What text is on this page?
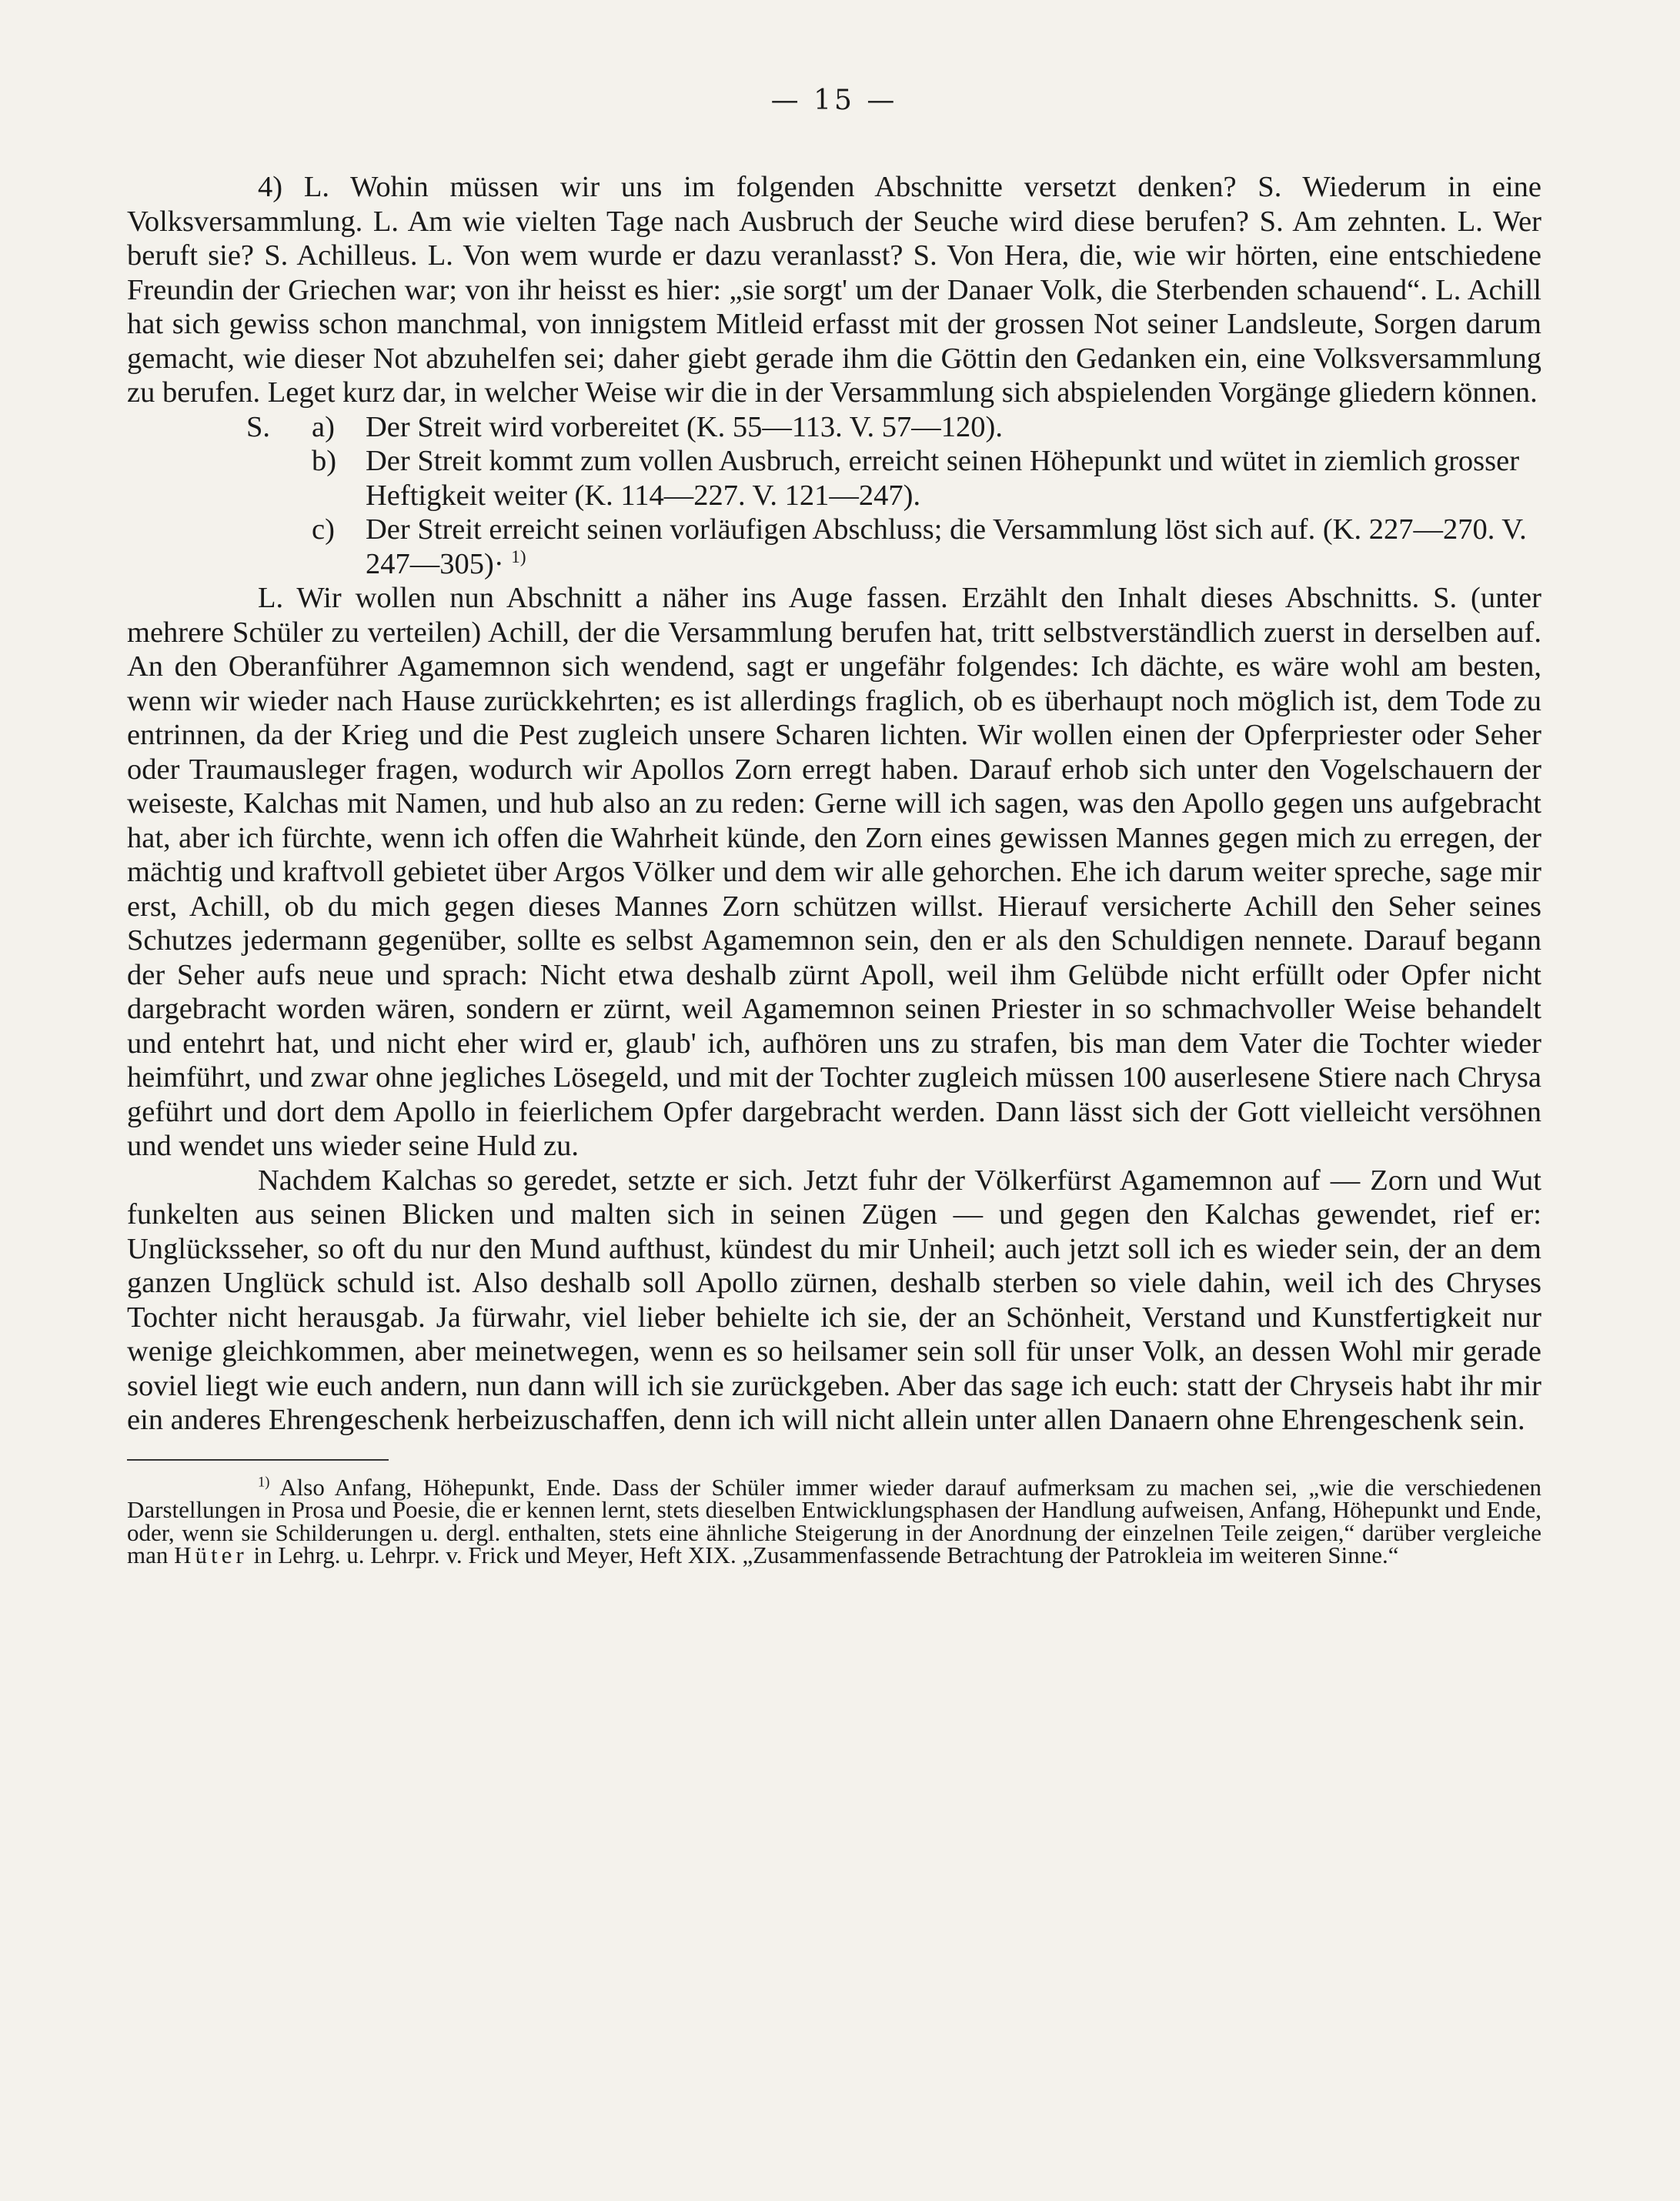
— 15 —

4) L. Wohin müssen wir uns im folgenden Abschnitte versetzt denken? S. Wiederum in eine Volksversammlung. L. Am wie vielten Tage nach Ausbruch der Seuche wird diese berufen? S. Am zehnten. L. Wer beruft sie? S. Achilleus. L. Von wem wurde er dazu veranlasst? S. Von Hera, die, wie wir hörten, eine entschiedene Freundin der Griechen war; von ihr heisst es hier: „sie sorgt' um der Danaer Volk, die Sterbenden schauend“. L. Achill hat sich gewiss schon manchmal, von innigstem Mitleid erfasst mit der grossen Not seiner Landsleute, Sorgen darum gemacht, wie dieser Not abzuhelfen sei; daher giebt gerade ihm die Göttin den Gedanken ein, eine Volksversammlung zu berufen. Leget kurz dar, in welcher Weise wir die in der Versammlung sich abspielenden Vorgänge gliedern können.

S.	a)	Der Streit wird vorbereitet (K. 55—113. V. 57—120).
b) Der Streit kommt zum vollen Ausbruch, erreicht seinen Höhepunkt und wütet in ziemlich grosser Heftigkeit weiter (K. 114—227. V. 121—247).
c)	Der Streit erreicht seinen vorläufigen Abschluss; die Versammlung löst sich auf. (K. 227—270. V. 247—305)· $^{1)}$

L. Wir wollen nun Abschnitt a näher ins Auge fassen. Erzählt den Inhalt dieses Abschnitts. S. (unter mehrere Schüler zu verteilen) Achill, der die Versammlung berufen hat, tritt selbstverständlich zuerst in derselben auf. An den Oberanführer Agamemnon sich wendend, sagt er ungefähr folgendes: Ich dächte, es wäre wohl am besten, wenn wir wieder nach Hause zurückkehrten; es ist allerdings fraglich, ob es überhaupt noch möglich ist, dem Tode zu entrinnen, da der Krieg und die Pest zugleich unsere Scharen lichten. Wir wollen einen der Opferpriester oder Seher oder Traumausleger fragen, wodurch wir Apollos Zorn erregt haben. Darauf erhob sich unter den Vogelschauern der weiseste, Kalchas mit Namen, und hub also an zu reden: Gerne will ich sagen, was den Apollo gegen uns aufgebracht hat, aber ich fürchte, wenn ich offen die Wahrheit künde, den Zorn eines gewissen Mannes gegen mich zu erregen, der mächtig und kraftvoll gebietet über Argos Völker und dem wir alle gehorchen. Ehe ich darum weiter spreche, sage mir erst, Achill, ob du mich gegen dieses Mannes Zorn schützen willst. Hierauf versicherte Achill den Seher seines Schutzes jedermann gegenüber, sollte es selbst Agamemnon sein, den er als den Schuldigen nennete. Darauf begann der Seher aufs neue und sprach: Nicht etwa deshalb zürnt Apoll, weil ihm Gelübde nicht erfüllt oder Opfer nicht dargebracht worden wären, sondern er zürnt, weil Agamemnon seinen Priester in so schmachvoller Weise behandelt und entehrt hat, und nicht eher wird er, glaub' ich, aufhören uns zu strafen, bis man dem Vater die Tochter wieder heimführt, und zwar ohne jegliches Lösegeld, und mit der Tochter zugleich müssen 100 auserlesene Stiere nach Chrysa geführt und dort dem Apollo in feierlichem Opfer dargebracht werden. Dann lässt sich der Gott vielleicht versöhnen und wendet uns wieder seine Huld zu.

Nachdem Kalchas so geredet, setzte er sich. Jetzt fuhr der Völkerfürst Agamemnon auf — Zorn und Wut funkelten aus seinen Blicken und malten sich in seinen Zügen — und gegen den Kalchas gewendet, rief er: Unglücksseher, so oft du nur den Mund aufthust, kündest du mir Unheil; auch jetzt soll ich es wieder sein, der an dem ganzen Unglück schuld ist. Also deshalb soll Apollo zürnen, deshalb sterben so viele dahin, weil ich des Chryses Tochter nicht herausgab. Ja fürwahr, viel lieber behielte ich sie, der an Schönheit, Verstand und Kunstfertigkeit nur wenige gleichkommen, aber meinetwegen, wenn es so heilsamer sein soll für unser Volk, an dessen Wohl mir gerade soviel liegt wie euch andern, nun dann will ich sie zurückgeben. Aber das sage ich euch: statt der Chryseis habt ihr mir ein anderes Ehrengeschenk herbeizuschaffen, denn ich will nicht allein unter allen Danaern ohne Ehrengeschenk sein.

$^{1)}$ Also Anfang, Höhepunkt, Ende. Dass der Schüler immer wieder darauf aufmerksam zu machen sei, „wie die verschiedenen Darstellungen in Prosa und Poesie, die er kennen lernt, stets dieselben Entwicklungsphasen der Handlung aufweisen, Anfang, Höhepunkt und Ende, oder, wenn sie Schilderungen u. dergl. enthalten, stets eine ähnliche Steigerung in der Anordnung der einzelnen Teile zeigen,“ darüber vergleiche man Hüter in Lehrg. u. Lehrpr. v. Frick und Meyer, Heft XIX. „Zusammenfassende Betrachtung der Patrokleia im weiteren Sinne.“
